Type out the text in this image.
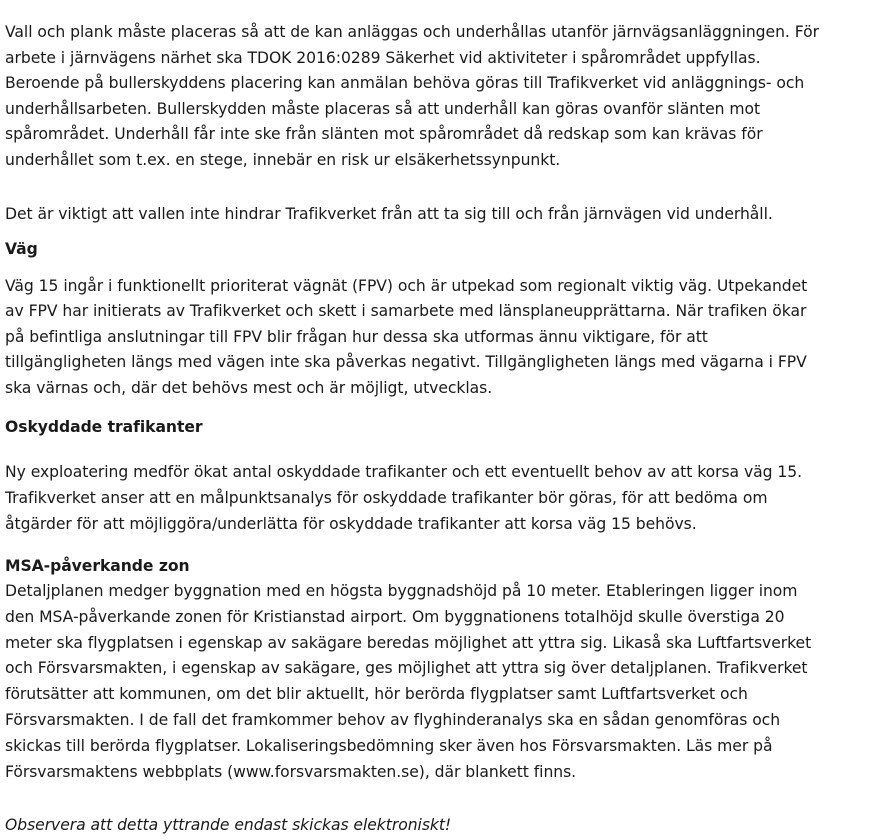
Vall och plank måste placeras så att de kan anläggas och underhållas utanför järnvägsanläggningen. För
arbete i järnvägens närhet ska TDOK 2016:0289 Säkerhet vid aktiviteter i spårområdet uppfyllas.
Beroende på bullerskyddens placering kan anmälan behöva göras till Trafikverket vid anläggnings- och
underhållsarbeten. Bullerskydden måste placeras så att underhåll kan göras ovanför slänten mot
spårområdet. Underhåll får inte ske från slänten mot spårområdet då redskap som kan krävas för
underhållet som t.ex. en stege, innebär en risk ur elsäkerhetssynpunkt.
Det är viktigt att vallen inte hindrar Trafikverket från att ta sig till och från järnvägen vid underhåll.
Väg
Väg 15 ingår i funktionellt prioriterat vägnät (FPV) och är utpekad som regionalt viktig väg. Utpekandet
av FPV har initierats av Trafikverket och skett i samarbete med länsplaneupprättarna. När trafiken ökar
på befintliga anslutningar till FPV blir frågan hur dessa ska utformas ännu viktigare, för att
tillgängligheten längs med vägen inte ska påverkas negativt. Tillgängligheten längs med vägarna i FPV
ska värnas och, där det behövs mest och är möjligt, utvecklas.
Oskyddade trafikanter
Ny exploatering medför ökat antal oskyddade trafikanter och ett eventuellt behov av att korsa väg 15.
Trafikverket anser att en målpunktsanalys för oskyddade trafikanter bör göras, för att bedöma om
åtgärder för att möjliggöra/underlätta för oskyddade trafikanter att korsa väg 15 behövs.
MSA-påverkande zon
Detaljplanen medger byggnation med en högsta byggnadshöjd på 10 meter. Etableringen ligger inom
den MSA-påverkande zonen för Kristianstad airport. Om byggnationens totalhöjd skulle överstiga 20
meter ska flygplatsen i egenskap av sakägare beredas möjlighet att yttra sig. Likaså ska Luftfartsverket
och Försvarsmakten, i egenskap av sakägare, ges möjlighet att yttra sig över detaljplanen. Trafikverket
förutsätter att kommunen, om det blir aktuellt, hör berörda flygplatser samt Luftfartsverket och
Försvarsmakten. I de fall det framkommer behov av flyghinderanalys ska en sådan genomföras och
skickas till berörda flygplatser. Lokaliseringsbedömning sker även hos Försvarsmakten. Läs mer på
Försvarsmaktens webbplats (www.forsvarsmakten.se), där blankett finns.
Observera att detta yttrande endast skickas elektroniskt!
